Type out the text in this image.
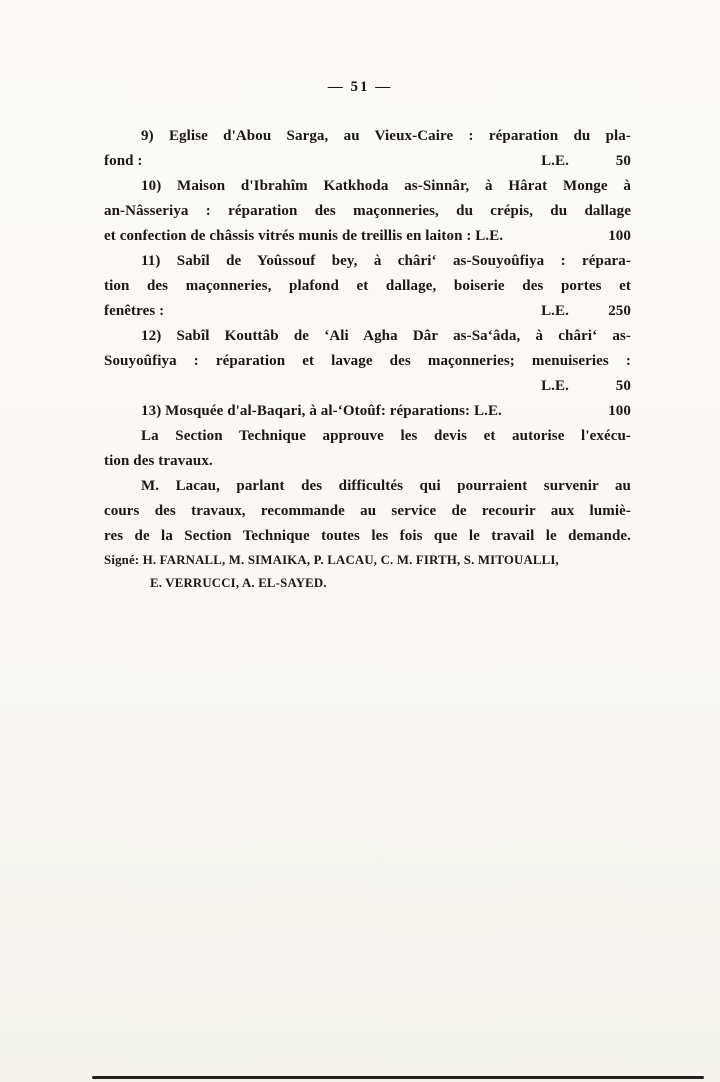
— 51 —
9) Eglise d'Abou Sarga, au Vieux-Caire : réparation du pla-
fond :	L.E.	50
10) Maison d'Ibrahîm Katkhoda as-Sinnâr, à Hârat Monge à
an-Nâsseriya : réparation des maçonneries, du crépis, du dallage
et confection de châssis vitrés munis de treillis en laiton : L.E.	100
11) Sabîl de Yoûssouf bey, à châri‘ as-Souyoûfiya : répara-
tion des maçonneries, plafond et dallage, boiserie des portes et
fenêtres :	L.E.	250
12) Sabîl Kouttâb de ‘Ali Agha Dâr as-Sa‘âda, à châri‘ as-
Souyoûfiya : réparation et lavage des maçonneries; menuiseries :
L.E.	50
13) Mosquée d'al-Baqari, à al-‘Otoûf: réparations: L.E.	100
La Section Technique approuve les devis et autorise l'exécu-
tion des travaux.
M. Lacau, parlant des difficultés qui pourraient survenir au
cours des travaux, recommande au service de recourir aux lumiè-
res de la Section Technique toutes les fois que le travail le demande.
Signé: H. FARNALL, M. SIMAIKA, P. LACAU, C. M. FIRTH, S. MITOUALLI,
E. VERRUCCI, A. EL-SAYED.
